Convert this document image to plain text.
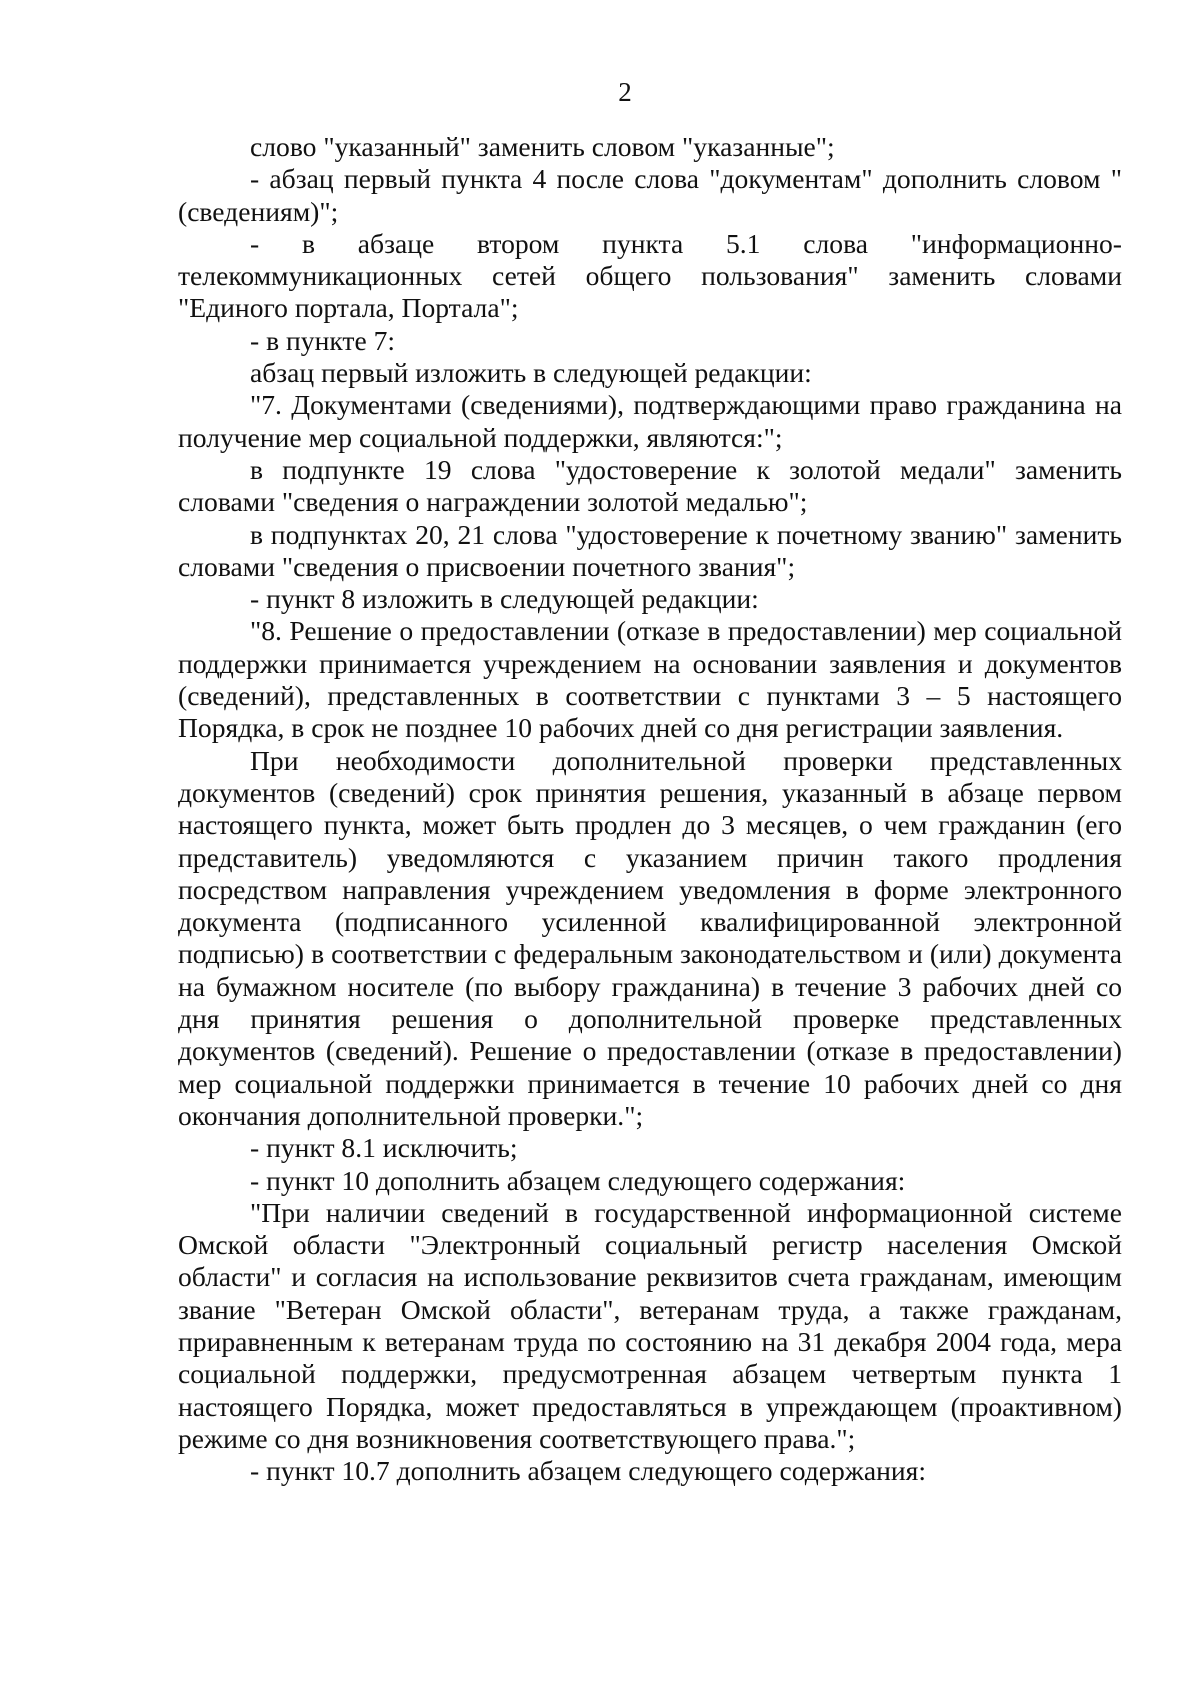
2

слово "указанный" заменить словом "указанные";

- абзац первый пункта 4 после слова "документам" дополнить словом "(сведениям)";

- в абзаце втором пункта 5.1 слова "информационно-телекоммуникационных сетей общего пользования" заменить словами "Единого портала, Портала";

- в пункте 7:

абзац первый изложить в следующей редакции:

"7. Документами (сведениями), подтверждающими право гражданина на получение мер социальной поддержки, являются:";

в подпункте 19 слова "удостоверение к золотой медали" заменить словами "сведения о награждении золотой медалью";

в подпунктах 20, 21 слова "удостоверение к почетному званию" заменить словами "сведения о присвоении почетного звания";

- пункт 8 изложить в следующей редакции:

"8. Решение о предоставлении (отказе в предоставлении) мер социальной поддержки принимается учреждением на основании заявления и документов (сведений), представленных в соответствии с пунктами 3 – 5 настоящего Порядка, в срок не позднее 10 рабочих дней со дня регистрации заявления.

При необходимости дополнительной проверки представленных документов (сведений) срок принятия решения, указанный в абзаце первом настоящего пункта, может быть продлен до 3 месяцев, о чем гражданин (его представитель) уведомляются с указанием причин такого продления посредством направления учреждением уведомления в форме электронного документа (подписанного усиленной квалифицированной электронной подписью) в соответствии с федеральным законодательством и (или) документа на бумажном носителе (по выбору гражданина) в течение 3 рабочих дней со дня принятия решения о дополнительной проверке представленных документов (сведений). Решение о предоставлении (отказе в предоставлении) мер социальной поддержки принимается в течение 10 рабочих дней со дня окончания дополнительной проверки.";

- пункт 8.1 исключить;

- пункт 10 дополнить абзацем следующего содержания:

"При наличии сведений в государственной информационной системе Омской области "Электронный социальный регистр населения Омской области" и согласия на использование реквизитов счета гражданам, имеющим звание "Ветеран Омской области", ветеранам труда, а также гражданам, приравненным к ветеранам труда по состоянию на 31 декабря 2004 года, мера социальной поддержки, предусмотренная абзацем четвертым пункта 1 настоящего Порядка, может предоставляться в упреждающем (проактивном) режиме со дня возникновения соответствующего права.";

- пункт 10.7 дополнить абзацем следующего содержания:
